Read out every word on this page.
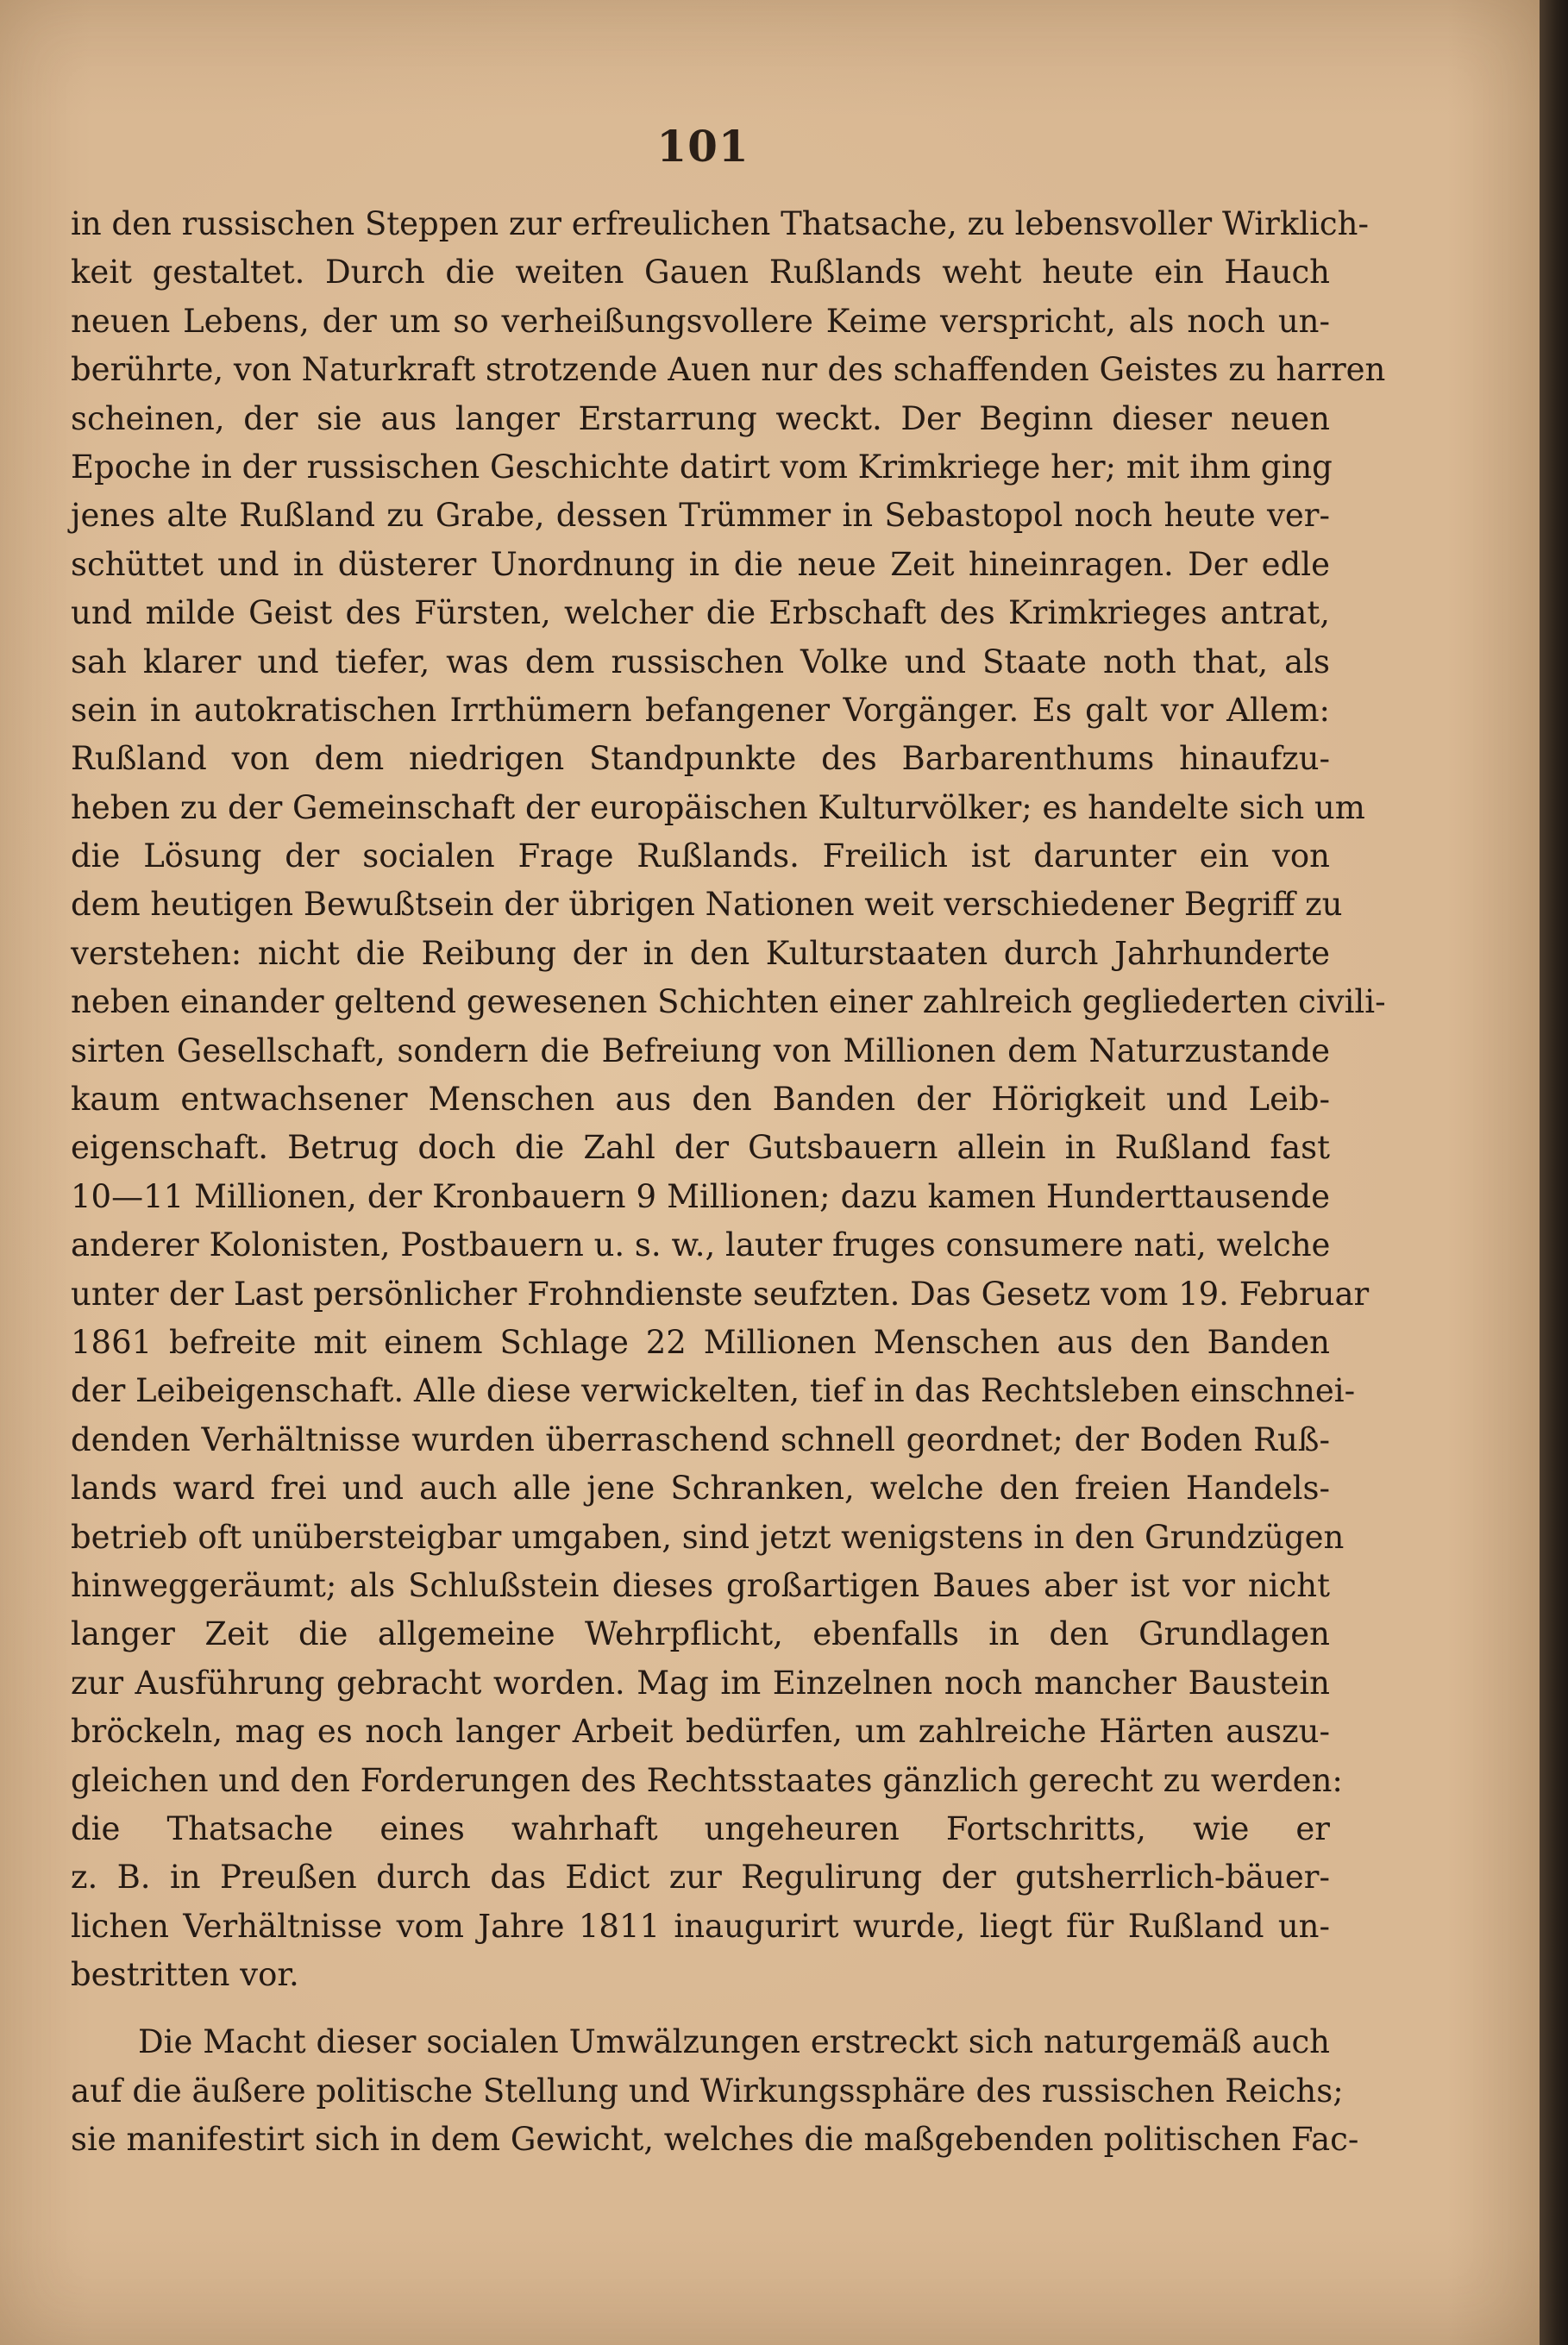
101
in den russischen Steppen zur erfreulichen Thatsache, zu lebensvoller Wirklich-
keit gestaltet. Durch die weiten Gauen Rußlands weht heute ein Hauch
neuen Lebens, der um so verheißungsvollere Keime verspricht, als noch un-
berührte, von Naturkraft strotzende Auen nur des schaffenden Geistes zu harren
scheinen, der sie aus langer Erstarrung weckt. Der Beginn dieser neuen
Epoche in der russischen Geschichte datirt vom Krimkriege her; mit ihm ging
jenes alte Rußland zu Grabe, dessen Trümmer in Sebastopol noch heute ver-
schüttet und in düsterer Unordnung in die neue Zeit hineinragen. Der edle
und milde Geist des Fürsten, welcher die Erbschaft des Krimkrieges antrat,
sah klarer und tiefer, was dem russischen Volke und Staate noth that, als
sein in autokratischen Irrthümern befangener Vorgänger. Es galt vor Allem:
Rußland von dem niedrigen Standpunkte des Barbarenthums hinaufzu-
heben zu der Gemeinschaft der europäischen Kulturvölker; es handelte sich um
die Lösung der socialen Frage Rußlands. Freilich ist darunter ein von
dem heutigen Bewußtsein der übrigen Nationen weit verschiedener Begriff zu
verstehen: nicht die Reibung der in den Kulturstaaten durch Jahrhunderte
neben einander geltend gewesenen Schichten einer zahlreich gegliederten civili-
sirten Gesellschaft, sondern die Befreiung von Millionen dem Naturzustande
kaum entwachsener Menschen aus den Banden der Hörigkeit und Leib-
eigenschaft. Betrug doch die Zahl der Gutsbauern allein in Rußland fast
10—11 Millionen, der Kronbauern 9 Millionen; dazu kamen Hunderttausende
anderer Kolonisten, Postbauern u. s. w., lauter fruges consumere nati, welche
unter der Last persönlicher Frohndienste seufzten. Das Gesetz vom 19. Februar
1861 befreite mit einem Schlage 22 Millionen Menschen aus den Banden
der Leibeigenschaft. Alle diese verwickelten, tief in das Rechtsleben einschnei-
denden Verhältnisse wurden überraschend schnell geordnet; der Boden Ruß-
lands ward frei und auch alle jene Schranken, welche den freien Handels-
betrieb oft unübersteigbar umgaben, sind jetzt wenigstens in den Grundzügen
hinweggeräumt; als Schlußstein dieses großartigen Baues aber ist vor nicht
langer Zeit die allgemeine Wehrpflicht, ebenfalls in den Grundlagen
zur Ausführung gebracht worden. Mag im Einzelnen noch mancher Baustein
bröckeln, mag es noch langer Arbeit bedürfen, um zahlreiche Härten auszu-
gleichen und den Forderungen des Rechtsstaates gänzlich gerecht zu werden:
die Thatsache eines wahrhaft ungeheuren Fortschritts, wie er
z. B. in Preußen durch das Edict zur Regulirung der gutsherrlich-bäuer-
lichen Verhältnisse vom Jahre 1811 inaugurirt wurde, liegt für Rußland un-
bestritten vor.
Die Macht dieser socialen Umwälzungen erstreckt sich naturgemäß auch
auf die äußere politische Stellung und Wirkungssphäre des russischen Reichs;
sie manifestirt sich in dem Gewicht, welches die maßgebenden politischen Fac-
